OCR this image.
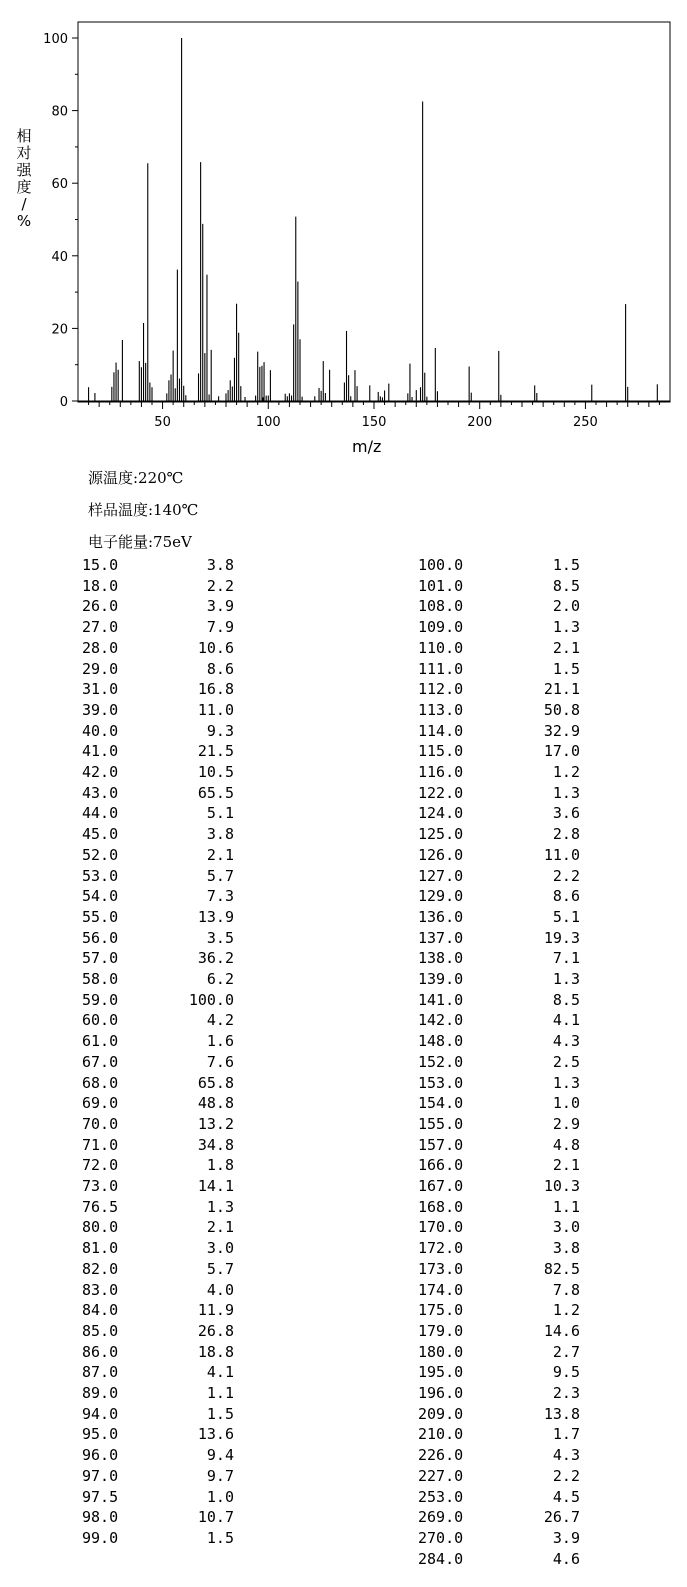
0
20
40
60
80
100
50	100	150	200	250
相
对
强
度
/
%
m/z
源温度:220℃
样品温度:140℃
电子能量:75eV
15.0	3.8
18.0	2.2
26.0	3.9
27.0	7.9
28.0	10.6
29.0	8.6
31.0	16.8
39.0	11.0
40.0	9.3
41.0	21.5
42.0	10.5
43.0	65.5
44.0	5.1
45.0	3.8
52.0	2.1
53.0	5.7
54.0	7.3
55.0	13.9
56.0	3.5
57.0	36.2
58.0	6.2
59.0	100.0
60.0	4.2
61.0	1.6
67.0	7.6
68.0	65.8
69.0	48.8
70.0	13.2
71.0	34.8
72.0	1.8
73.0	14.1
76.5	1.3
80.0	2.1
81.0	3.0
82.0	5.7
83.0	4.0
84.0	11.9
85.0	26.8
86.0	18.8
87.0	4.1
89.0	1.1
94.0	1.5
95.0	13.6
96.0	9.4
97.0	9.7
97.5	1.0
98.0	10.7
99.0	1.5
100.0	1.5
101.0	8.5
108.0	2.0
109.0	1.3
110.0	2.1
111.0	1.5
112.0	21.1
113.0	50.8
114.0	32.9
115.0	17.0
116.0	1.2
122.0	1.3
124.0	3.6
125.0	2.8
126.0	11.0
127.0	2.2
129.0	8.6
136.0	5.1
137.0	19.3
138.0	7.1
139.0	1.3
141.0	8.5
142.0	4.1
148.0	4.3
152.0	2.5
153.0	1.3
154.0	1.0
155.0	2.9
157.0	4.8
166.0	2.1
167.0	10.3
168.0	1.1
170.0	3.0
172.0	3.8
173.0	82.5
174.0	7.8
175.0	1.2
179.0	14.6
180.0	2.7
195.0	9.5
196.0	2.3
209.0	13.8
210.0	1.7
226.0	4.3
227.0	2.2
253.0	4.5
269.0	26.7
270.0	3.9
284.0	4.6
